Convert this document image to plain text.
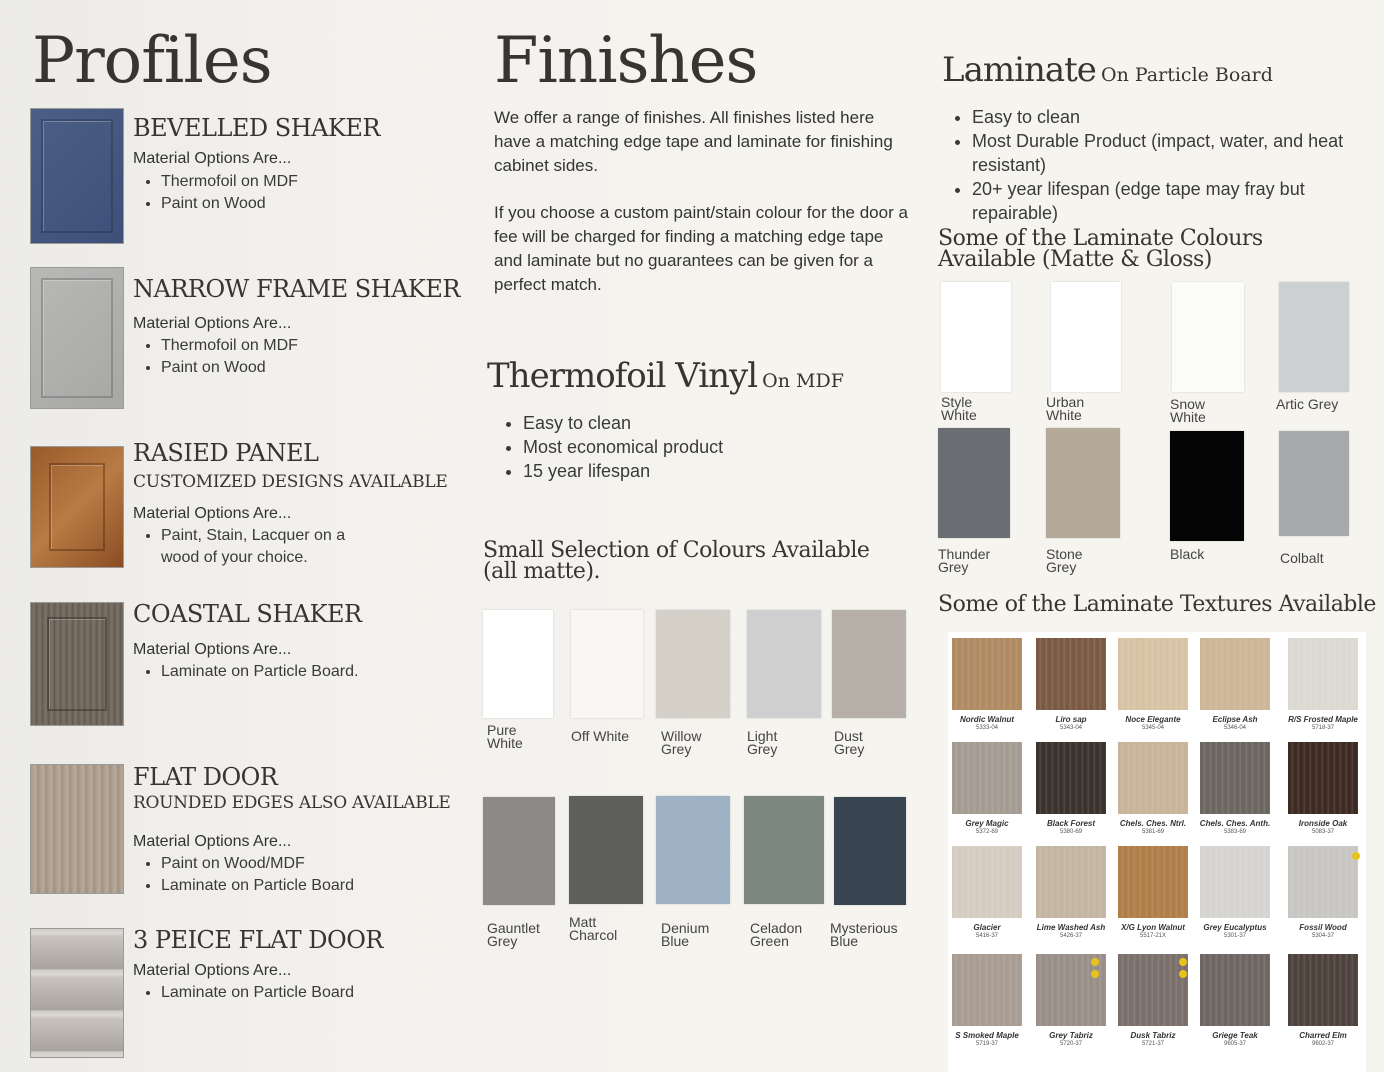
Profiles
BEVELLED SHAKER
Material Options Are...
• Thermofoil on MDF
• Paint on Wood
NARROW FRAME SHAKER
Material Options Are...
• Thermofoil on MDF
• Paint on Wood
RASIED PANEL
CUSTOMIZED DESIGNS AVAILABLE
Material Options Are...
• Paint, Stain, Lacquer on a wood of your choice.
COASTAL SHAKER
Material Options Are...
• Laminate on Particle Board.
FLAT DOOR
ROUNDED EDGES ALSO AVAILABLE
Material Options Are...
• Paint on Wood/MDF
• Laminate on Particle Board
3 PEICE FLAT DOOR
Material Options Are...
• Laminate on Particle Board
Finishes
We offer a range of finishes. All finishes listed here have a matching edge tape and laminate for finishing cabinet sides.
If you choose a custom paint/stain colour for the door a fee will be charged for finding a matching edge tape and laminate but no guarantees can be given for a perfect match.
Thermofoil Vinyl On MDF
• Easy to clean
• Most economical product
• 15 year lifespan
Small Selection of Colours Available
(all matte).
Pure White	Off White	Willow Grey
Light Grey
Dust Grey
Gauntlet Grey
Matt Charcol	Denium Blue
Celadon Green
Mysterious Blue
Laminate On Particle Board
• Easy to clean
• Most Durable Product (impact, water, and heat resistant)
• 20+ year lifespan (edge tape may fray but repairable)
Some of the Laminate Colours
Available (Matte & Gloss)
Style White
Urban White
Snow White
Artic Grey
Thunder Grey
Stone Grey
Black	Colbalt
Some of the Laminate Textures Available
Nordic Walnut
5333-04
Liro sap
5343-04
Noce Elegante
5345-04
Eclipse Ash
5346-04
R/S Frosted Maple
5718-37
Grey Magic
5372-69
Black Forest
5380-69
Chels. Ches. Ntrl.
5381-69
Chels. Ches. Anth.
5383-69
Ironside Oak
5083-37
Glacier
5416-37
Lime Washed Ash
5426-37
X/G Lyon Walnut
5517-21X
Grey Eucalyptus
5301-37
Fossil Wood
5304-37
S Smoked Maple
5719-37
Grey Tabriz
5720-37
Dusk Tabriz
5721-37
Griege Teak
9605-37
Charred Elm
9602-37
